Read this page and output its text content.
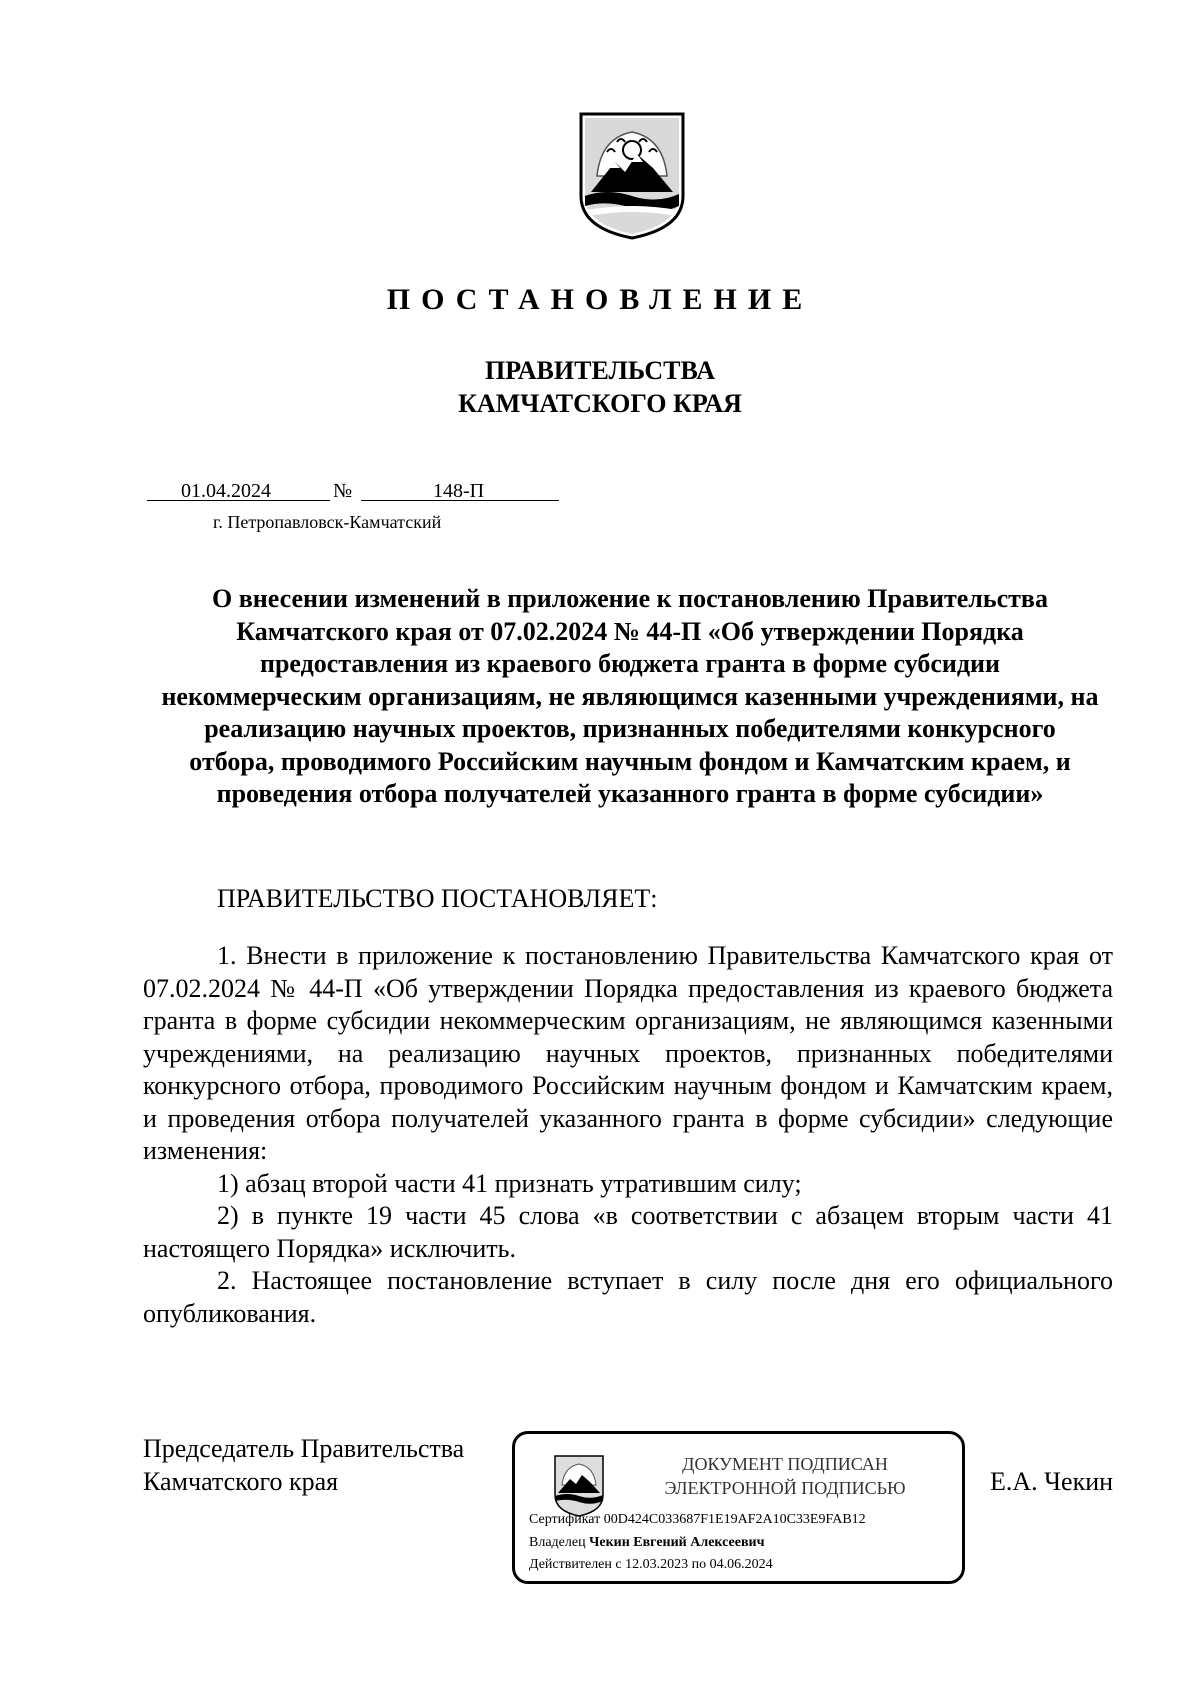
ПОСТАНОВЛЕНИЕ
ПРАВИТЕЛЬСТВА
КАМЧАТСКОГО КРАЯ
01.04.2024	№	148-П
г. Петропавловск-Камчатский
О внесении изменений в приложение к постановлению Правительства Камчатского края от 07.02.2024 № 44-П «Об утверждении Порядка предоставления из краевого бюджета гранта в форме субсидии некоммерческим организациям, не являющимся казенными учреждениями, на реализацию научных проектов, признанных победителями конкурсного отбора, проводимого Российским научным фондом и Камчатским краем, и проведения отбора получателей указанного гранта в форме субсидии»
ПРАВИТЕЛЬСТВО ПОСТАНОВЛЯЕТ:

1. Внести в приложение к постановлению Правительства Камчатского края от 07.02.2024 № 44-П «Об утверждении Порядка предоставления из краевого бюджета гранта в форме субсидии некоммерческим организациям, не являющимся казенными учреждениями, на реализацию научных проектов, признанных победителями конкурсного отбора, проводимого Российским научным фондом и Камчатским краем, и проведения отбора получателей указанного гранта в форме субсидии» следующие изменения:

1) абзац второй части 41 признать утратившим силу;

2) в пункте 19 части 45 слова «в соответствии с абзацем вторым части 41 настоящего Порядка» исключить.

2. Настоящее постановление вступает в силу после дня его официального опубликования.

Председатель Правительства
Камчатского края	Е.А. Чекин
ДОКУМЕНТ ПОДПИСАН
ЭЛЕКТРОННОЙ ПОДПИСЬЮ
Сертификат 00D424C033687F1E19AF2A10C33E9FAB12
Владелец Чекин Евгений Алексеевич
Действителен с 12.03.2023 по 04.06.2024
